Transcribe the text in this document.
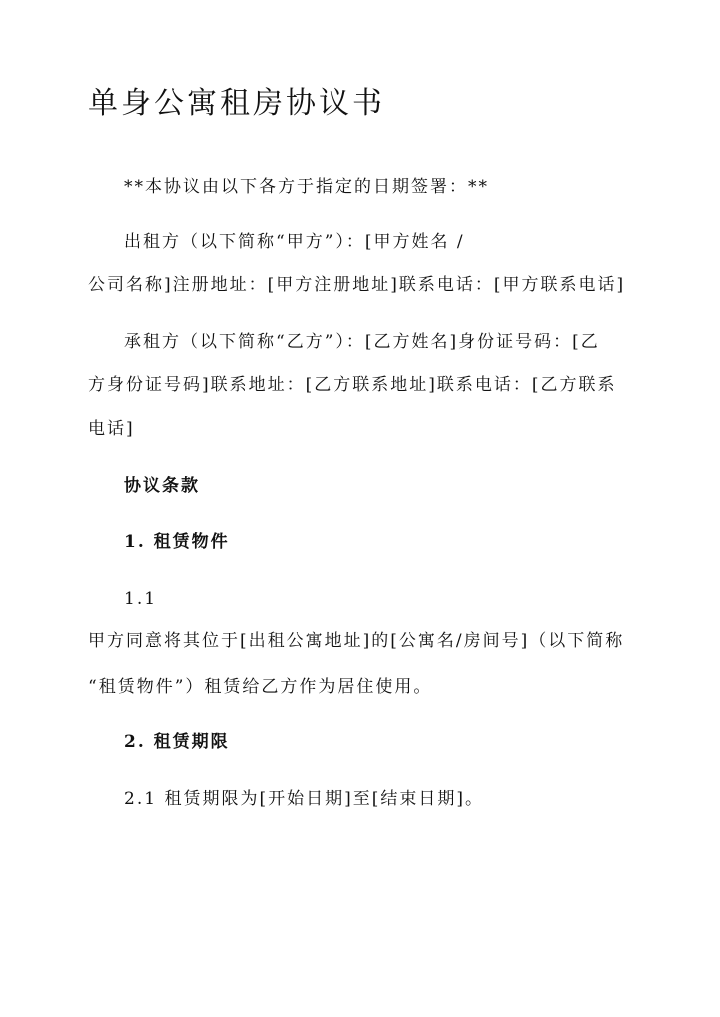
单身公寓租房协议书

**本协议由以下各方于指定的日期签署：**

出租方（以下简称“甲方”）：[甲方姓名 /

公司名称]注册地址：[甲方注册地址]联系电话：[甲方联系电话]

承租方（以下简称“乙方”）：[乙方姓名]身份证号码：[乙

方身份证号码]联系地址：[乙方联系地址]联系电话：[乙方联系

电话]

协议条款

1. 租赁物件

1.1

甲方同意将其位于[出租公寓地址]的[公寓名/房间号]（以下简称

“租赁物件”）租赁给乙方作为居住使用。

2. 租赁期限

2.1 租赁期限为[开始日期]至[结束日期]。
